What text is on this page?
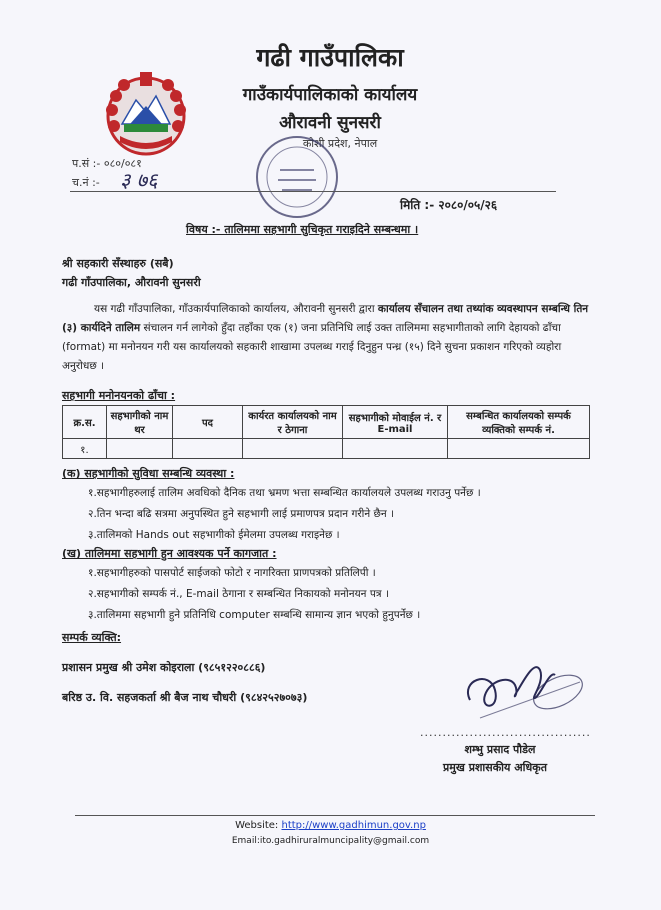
गढी गाउँपालिका
गाउँकार्यपालिकाको कार्यालय
औरावनी सुनसरी
कोशी प्रदेश, नेपाल
प.सं :- ०८०/०८१
च.नं :- ३ ७६
मिति :- २०८०/०५/२६
विषय :- तालिममा सहभागी सुचिकृत गराइदिने सम्बन्धमा ।
श्री सहकारी सँस्थाहरु (सबै)
गढी गाँउपालिका, औरावनी सुनसरी
यस गढी गाँउपालिका, गाँउकार्यपालिकाको कार्यालय, औरावनी सुनसरी द्वारा कार्यालय सँचालन तथा तथ्यांक व्यवस्थापन सम्बन्धि तिन (३) कार्यदिने तालिम संचालन गर्न लागेको हुँदा तहाँका एक (१) जना प्रतिनिधि लाई उक्त तालिममा सहभागीताको लागि देहायको ढाँचा (format) मा मनोनयन गरी यस कार्यालयको सहकारी शाखामा उपलब्ध गराई दिनुहुन पन्ध्र (१५) दिने सुचना प्रकाशन गरिएको व्यहोरा अनुरोधछ ।
सहभागी मनोनयनको ढाँचा :
क्र.स.	सहभागीको नाम थर	पद	कार्यरत कार्यालयको नाम र ठेगाना	सहभागीको मोवाईल नं. र E-mail	सम्बन्धित कार्यालयको सम्पर्क व्यक्तिको सम्पर्क नं.
१.					
(क) सहभागीको सुविधा सम्बन्धि व्यवस्था :
१.सहभागीहरुलाई तालिम अवधिको दैनिक तथा भ्रमण भत्ता सम्बन्धित कार्यालयले उपलब्ध गराउनु पर्नेछ ।
२.तिन भन्दा बढि सत्रमा अनुपस्थित हुने सहभागी लाई प्रमाणपत्र प्रदान गरीने छैन ।
३.तालिमको Hands out सहभागीको ईमेलमा उपलब्ध गराइनेछ ।
(ख) तालिममा सहभागी हुन आवश्यक पर्ने कागजात :
१.सहभागीहरुको पासपोर्ट साईजको फोटो र नागरिक्ता प्राणपत्रको प्रतिलिपी ।
२.सहभागीको सम्पर्क नं., E-mail ठेगाना र सम्बन्धित निकायको मनोनयन पत्र ।
३.तालिममा सहभागी हुने प्रतिनिधि computer सम्बन्धि सामान्य ज्ञान भएको हुनुपर्नेछ ।
सम्पर्क व्यक्ति:
प्रशासन प्रमुख श्री उमेश कोइराला (९८५१२२०८८६)
बरिष्ठ उ. वि. सहजकर्ता श्री बैज नाथ चौधरी (९८४२५२७०७३)
......................................
शम्भु प्रसाद पौडेल
प्रमुख प्रशासकीय अधिकृत
Website: http://www.gadhimun.gov.np
Email:ito.gadhiruralmuncipality@gmail.com
